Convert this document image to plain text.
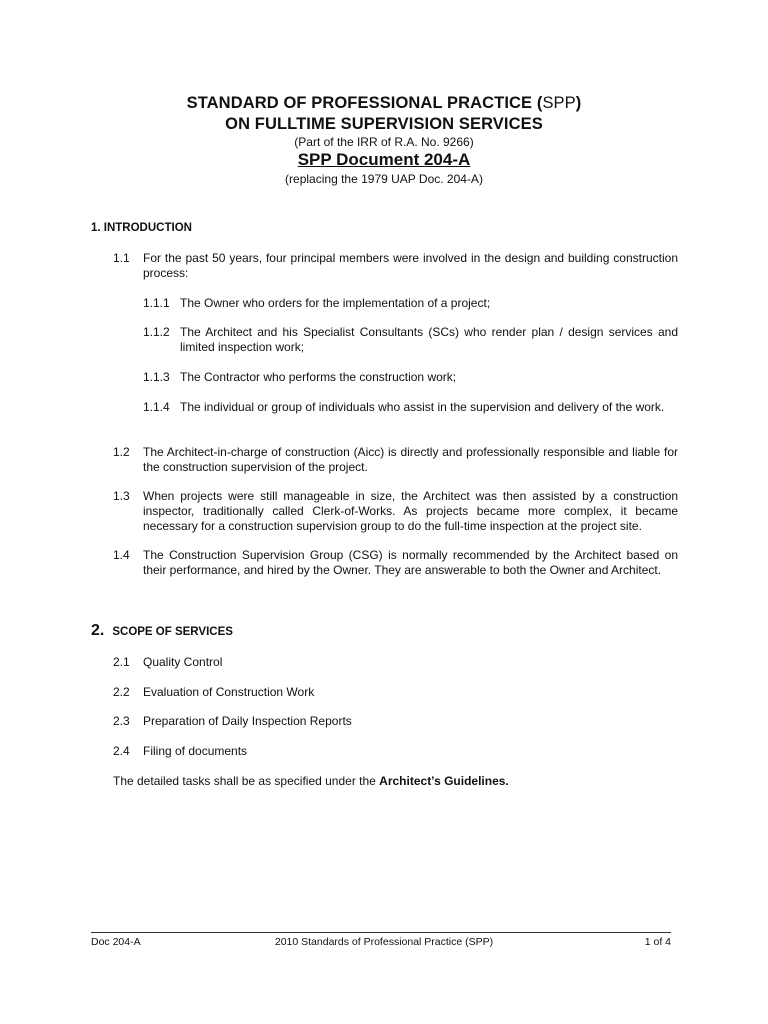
STANDARD OF PROFESSIONAL PRACTICE (SPP)
ON FULLTIME SUPERVISION SERVICES
(Part of the IRR of R.A. No. 9266)
SPP Document 204-A
(replacing the 1979 UAP Doc. 204-A)
1. INTRODUCTION
1.1 For the past 50 years, four principal members were involved in the design and building construction process:
1.1.1 The Owner who orders for the implementation of a project;
1.1.2 The Architect and his Specialist Consultants (SCs) who render plan / design services and limited inspection work;
1.1.3 The Contractor who performs the construction work;
1.1.4 The individual or group of individuals who assist in the supervision and delivery of the work.
1.2 The Architect-in-charge of construction (Aicc) is directly and professionally responsible and liable for the construction supervision of the project.
1.3 When projects were still manageable in size, the Architect was then assisted by a construction inspector, traditionally called Clerk-of-Works. As projects became more complex, it became necessary for a construction supervision group to do the full-time inspection at the project site.
1.4 The Construction Supervision Group (CSG) is normally recommended by the Architect based on their performance, and hired by the Owner. They are answerable to both the Owner and Architect.
2. SCOPE OF SERVICES
2.1 Quality Control
2.2 Evaluation of Construction Work
2.3 Preparation of Daily Inspection Reports
2.4 Filing of documents
The detailed tasks shall be as specified under the Architect’s Guidelines.
Doc 204-A	2010 Standards of Professional Practice (SPP)	1 of 4
